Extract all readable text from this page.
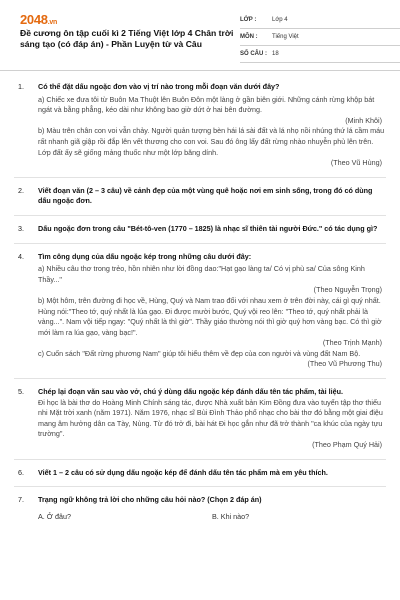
2048.vn
Đề cương ôn tập cuối kì 2 Tiếng Việt lớp 4 Chân trời sáng tạo (có đáp án) - Phần Luyện từ và Câu
LỚP :	Lớp 4
MÔN :	Tiếng Việt
SỐ CÂU : 18
1. Có thể đặt dấu ngoặc đơn vào vị trí nào trong mỗi đoạn văn dưới đây?
a) Chiếc xe đưa tôi từ Buôn Ma Thuột lên Buôn Đôn một làng ở gần biên giới. Những cánh rừng khộp bát ngát và bằng phẳng, kéo dài như không bao giờ dứt ở hai bên đường.
(Minh Khôi)
b) Màu trên chân con voi vẫn chảy. Người quản tượng bèn hái lá sài đất và lá nhọ nồi nhúng thứ lá cầm máu rất nhanh giã giập rồi đắp lên vết thương cho con voi. Sau đó ông lấy đất rừng nhào nhuyễn phủ lên trên. Lớp đất ấy sẽ giống mảng thuốc như một lớp băng dính.
(Theo Vũ Hùng)
2. Viết đoạn văn (2 – 3 câu) về cảnh đẹp của một vùng quê hoặc nơi em sinh sống, trong đó có dùng dấu ngoặc đơn.
3. Dấu ngoặc đơn trong câu "Bét-tô-ven (1770 – 1825) là nhạc sĩ thiên tài người Đức." có tác dụng gì?
4. Tìm công dụng của dấu ngoặc kép trong những câu dưới đây:
a) Nhiều câu thơ trong trẻo, hồn nhiên như lời đồng dao:"Hạt gạo làng ta/ Có vị phù sa/ Của sông Kinh Thầy..."
(Theo Nguyễn Trọng)
b) Một hôm, trên đường đi học về, Hùng, Quý và Nam trao đổi với nhau xem ở trên đời này, cái gì quý nhất. Hùng nói:"Theo tớ, quý nhất là lúa gạo. Đi được mười bước, Quý vội reo lên: "Theo tớ, quý nhất phải là vàng...". Nam vội tiếp ngay: "Quý nhất là thì giờ". Thầy giáo thường nói thì giờ quý hơn vàng bạc. Có thì giờ mới làm ra lúa gạo, vàng bạc!".
(Theo Trịnh Mạnh)
c) Cuốn sách "Đất rừng phương Nam" giúp tôi hiểu thêm về đẹp của con người và vùng đất Nam Bộ.
(Theo Vũ Phương Thu)
5. Chép lại đoạn văn sau vào vở, chú ý dùng dấu ngoặc kép đánh dấu tên tác phẩm, tài liệu.
Đi học là bài thơ do Hoàng Minh Chính sáng tác, được Nhà xuất bản Kim Đồng đưa vào tuyển tập thơ thiếu nhi Mặt trời xanh (năm 1971). Năm 1976, nhạc sĩ Bùi Đình Thảo phổ nhạc cho bài thơ đó bằng một giai điệu mang âm hưởng dân ca Tày, Nùng. Từ đó trở đi, bài hát Đi học gắn như đã trở thành "ca khúc của ngày tựu trường".
(Theo Phạm Quý Hải)
6. Viết 1 – 2 câu có sử dụng dấu ngoặc kép để đánh dấu tên tác phẩm mà em yêu thích.
7. Trạng ngữ không trả lời cho những câu hỏi nào? (Chọn 2 đáp án)
A. Ở đâu?	B. Khi nào?
